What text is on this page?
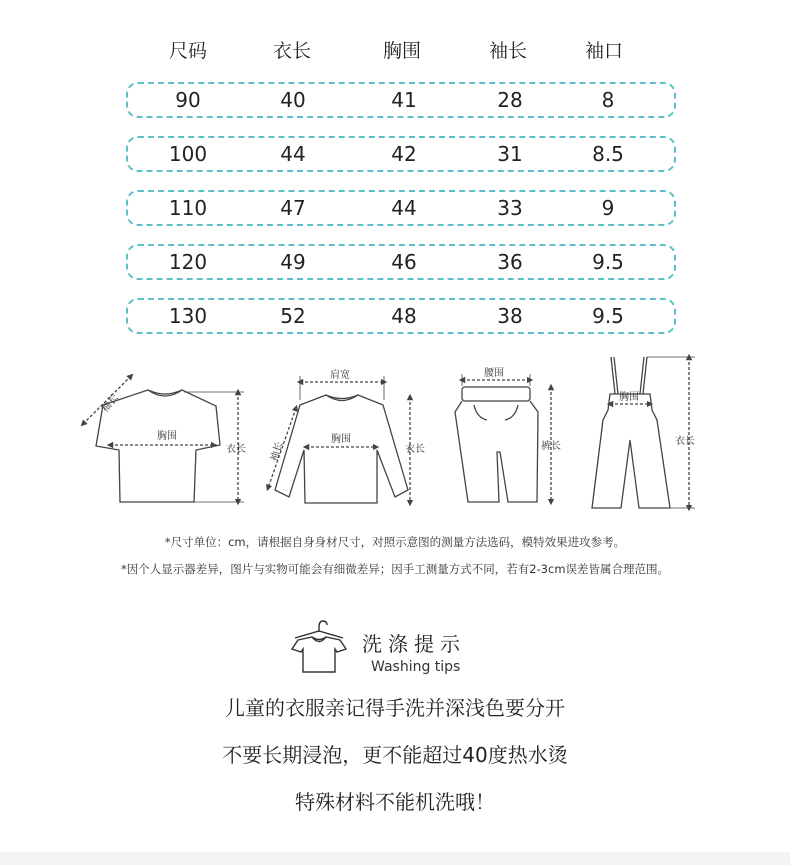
尺码	衣长	胸围	袖长	袖口
90	40	41	28	8
100	44	42	31	8.5
110	47	44	33	9
120	49	46	36	9.5
130	52	48	38	9.5
胸围
袖长
衣长
肩宽
胸围
袖长	衣长
腰围
裤长
胸围
衣长
*尺寸单位：cm，请根据自身身材尺寸，对照示意图的测量方法选码，模特效果进攻参考。
*因个人显示器差异，图片与实物可能会有细微差异；因手工测量方式不同，若有2-3cm误差皆属合理范围。
洗涤提示
Washing tips
儿童的衣服亲记得手洗并深浅色要分开
不要长期浸泡，更不能超过40度热水烫
特殊材料不能机洗哦！
